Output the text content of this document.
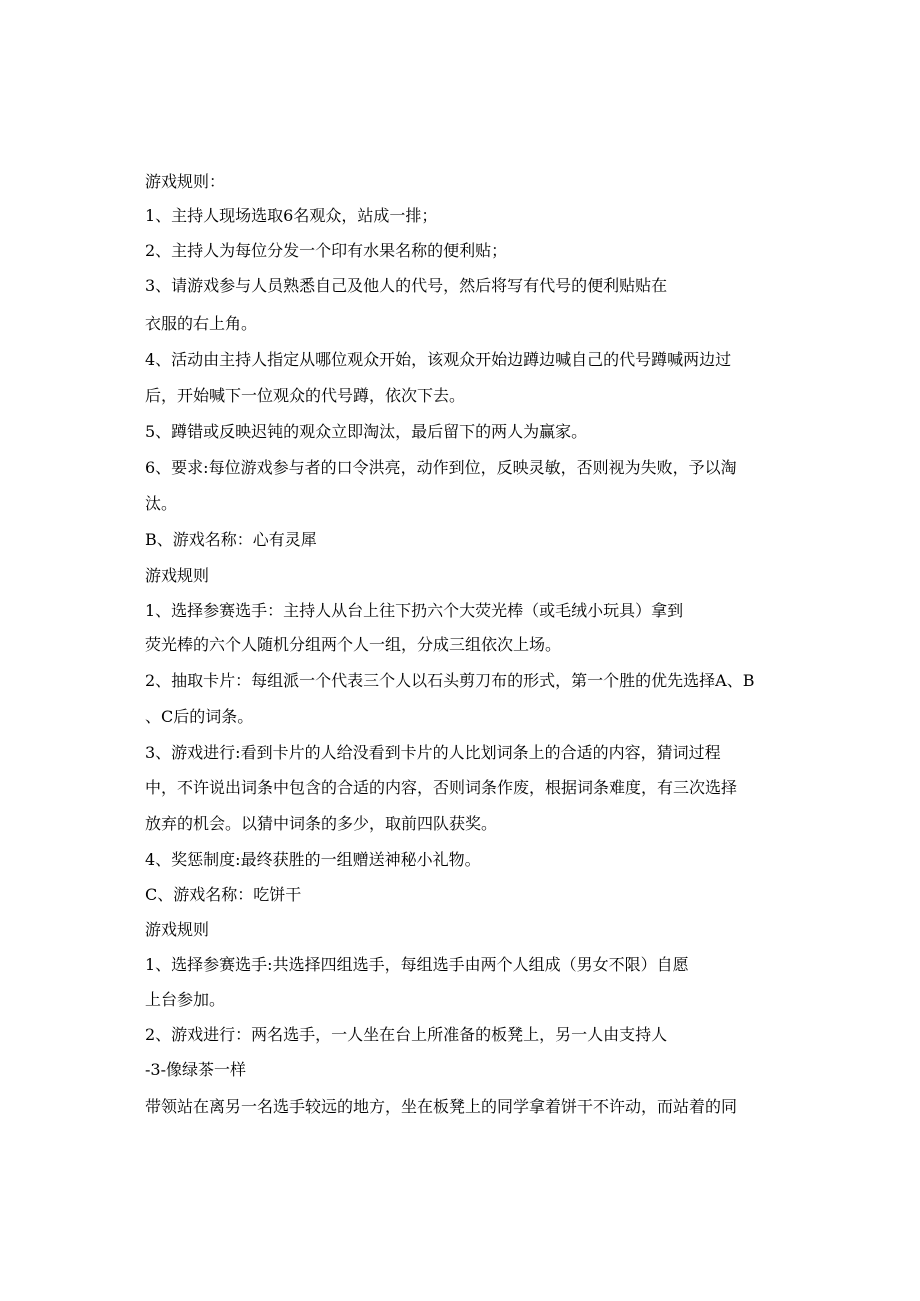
游戏规则：
1、主持人现场选取6名观众，站成一排；
2、主持人为每位分发一个印有水果名称的便利贴；
3、请游戏参与人员熟悉自己及他人的代号，然后将写有代号的便利贴贴在
衣服的右上角。
4、活动由主持人指定从哪位观众开始，该观众开始边蹲边喊自己的代号蹲喊两边过
后，开始喊下一位观众的代号蹲，依次下去。
5、蹲错或反映迟钝的观众立即淘汰，最后留下的两人为赢家。
6、要求:每位游戏参与者的口令洪亮，动作到位，反映灵敏，否则视为失败，予以淘
汰。
B、游戏名称：心有灵犀
游戏规则
1、选择参赛选手：主持人从台上往下扔六个大荧光棒（或毛绒小玩具）拿到
荧光棒的六个人随机分组两个人一组，分成三组依次上场。
2、抽取卡片：每组派一个代表三个人以石头剪刀布的形式，第一个胜的优先选择A、B
、C后的词条。
3、游戏进行:看到卡片的人给没看到卡片的人比划词条上的合适的内容，猜词过程
中，不许说出词条中包含的合适的内容，否则词条作废，根据词条难度，有三次选择
放弃的机会。以猜中词条的多少，取前四队获奖。
4、奖惩制度:最终获胜的一组赠送神秘小礼物。
C、游戏名称：吃饼干
游戏规则
1、选择参赛选手:共选择四组选手，每组选手由两个人组成（男女不限）自愿
上台参加。
2、游戏进行：两名选手，一人坐在台上所准备的板凳上，另一人由支持人
-3-像绿茶一样
带领站在离另一名选手较远的地方，坐在板凳上的同学拿着饼干不许动，而站着的同
